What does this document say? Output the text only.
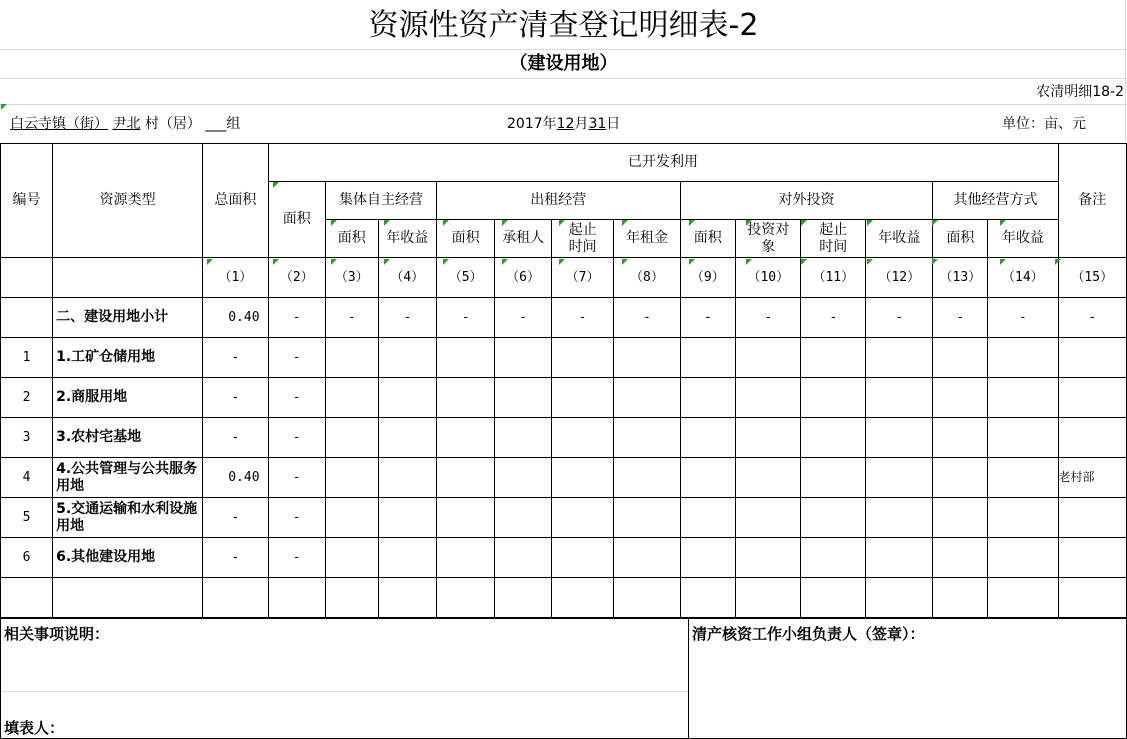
资源性资产清查登记明细表-2
（建设用地）
农清明细18-2
白云寺镇（街） 尹北 村（居） ___组	2017年12月31日	单位：亩、元
编号	资源类型	总面积	已开发利用													备注
			面积	集体自主经营		出租经营				对外投资				其他经营方式		
				面积	年收益	面积	承租人	起止时间	年租金	面积	投资对象	起止时间	年收益	面积	年收益	
		（1）	（2）	（3）	（4）	（5）	（6）	（7）	（8）	（9）	（10）	（11）	（12）	（13）	（14）	（15）
	二、建设用地小计	0.40	-	-	-	-	-	-	-	-	-	-	-	-	-	-
1	1.工矿仓储用地	-	-													
2	2.商服用地	-	-													
3	3.农村宅基地	-	-													
4	4.公共管理与公共服务用地	0.40	-													老村部
5	5.交通运输和水利设施用地	-	-													
6	6.其他建设用地	-	-													

相关事项说明：
填表人：
清产核资工作小组负责人（签章）：
